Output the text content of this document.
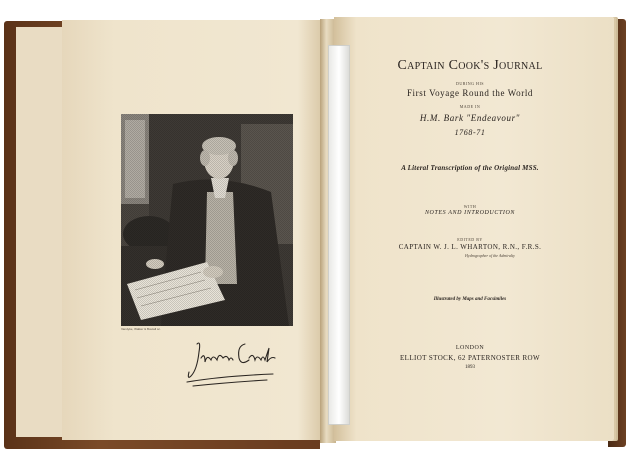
Vandyke, Walker & Boutall sc.
Captain Cook's Journal
DURING HIS
First Voyage Round the World
MADE IN
H.M. Bark "Endeavour"
1768-71
A Literal Transcription of the Original MSS.
WITH
NOTES AND INTRODUCTION
EDITED BY
CAPTAIN W. J. L. WHARTON, R.N., F.R.S.
Hydrographer of the Admiralty
Illustrated by Maps and Facsimiles
LONDON
ELLIOT STOCK, 62 PATERNOSTER ROW
1893
